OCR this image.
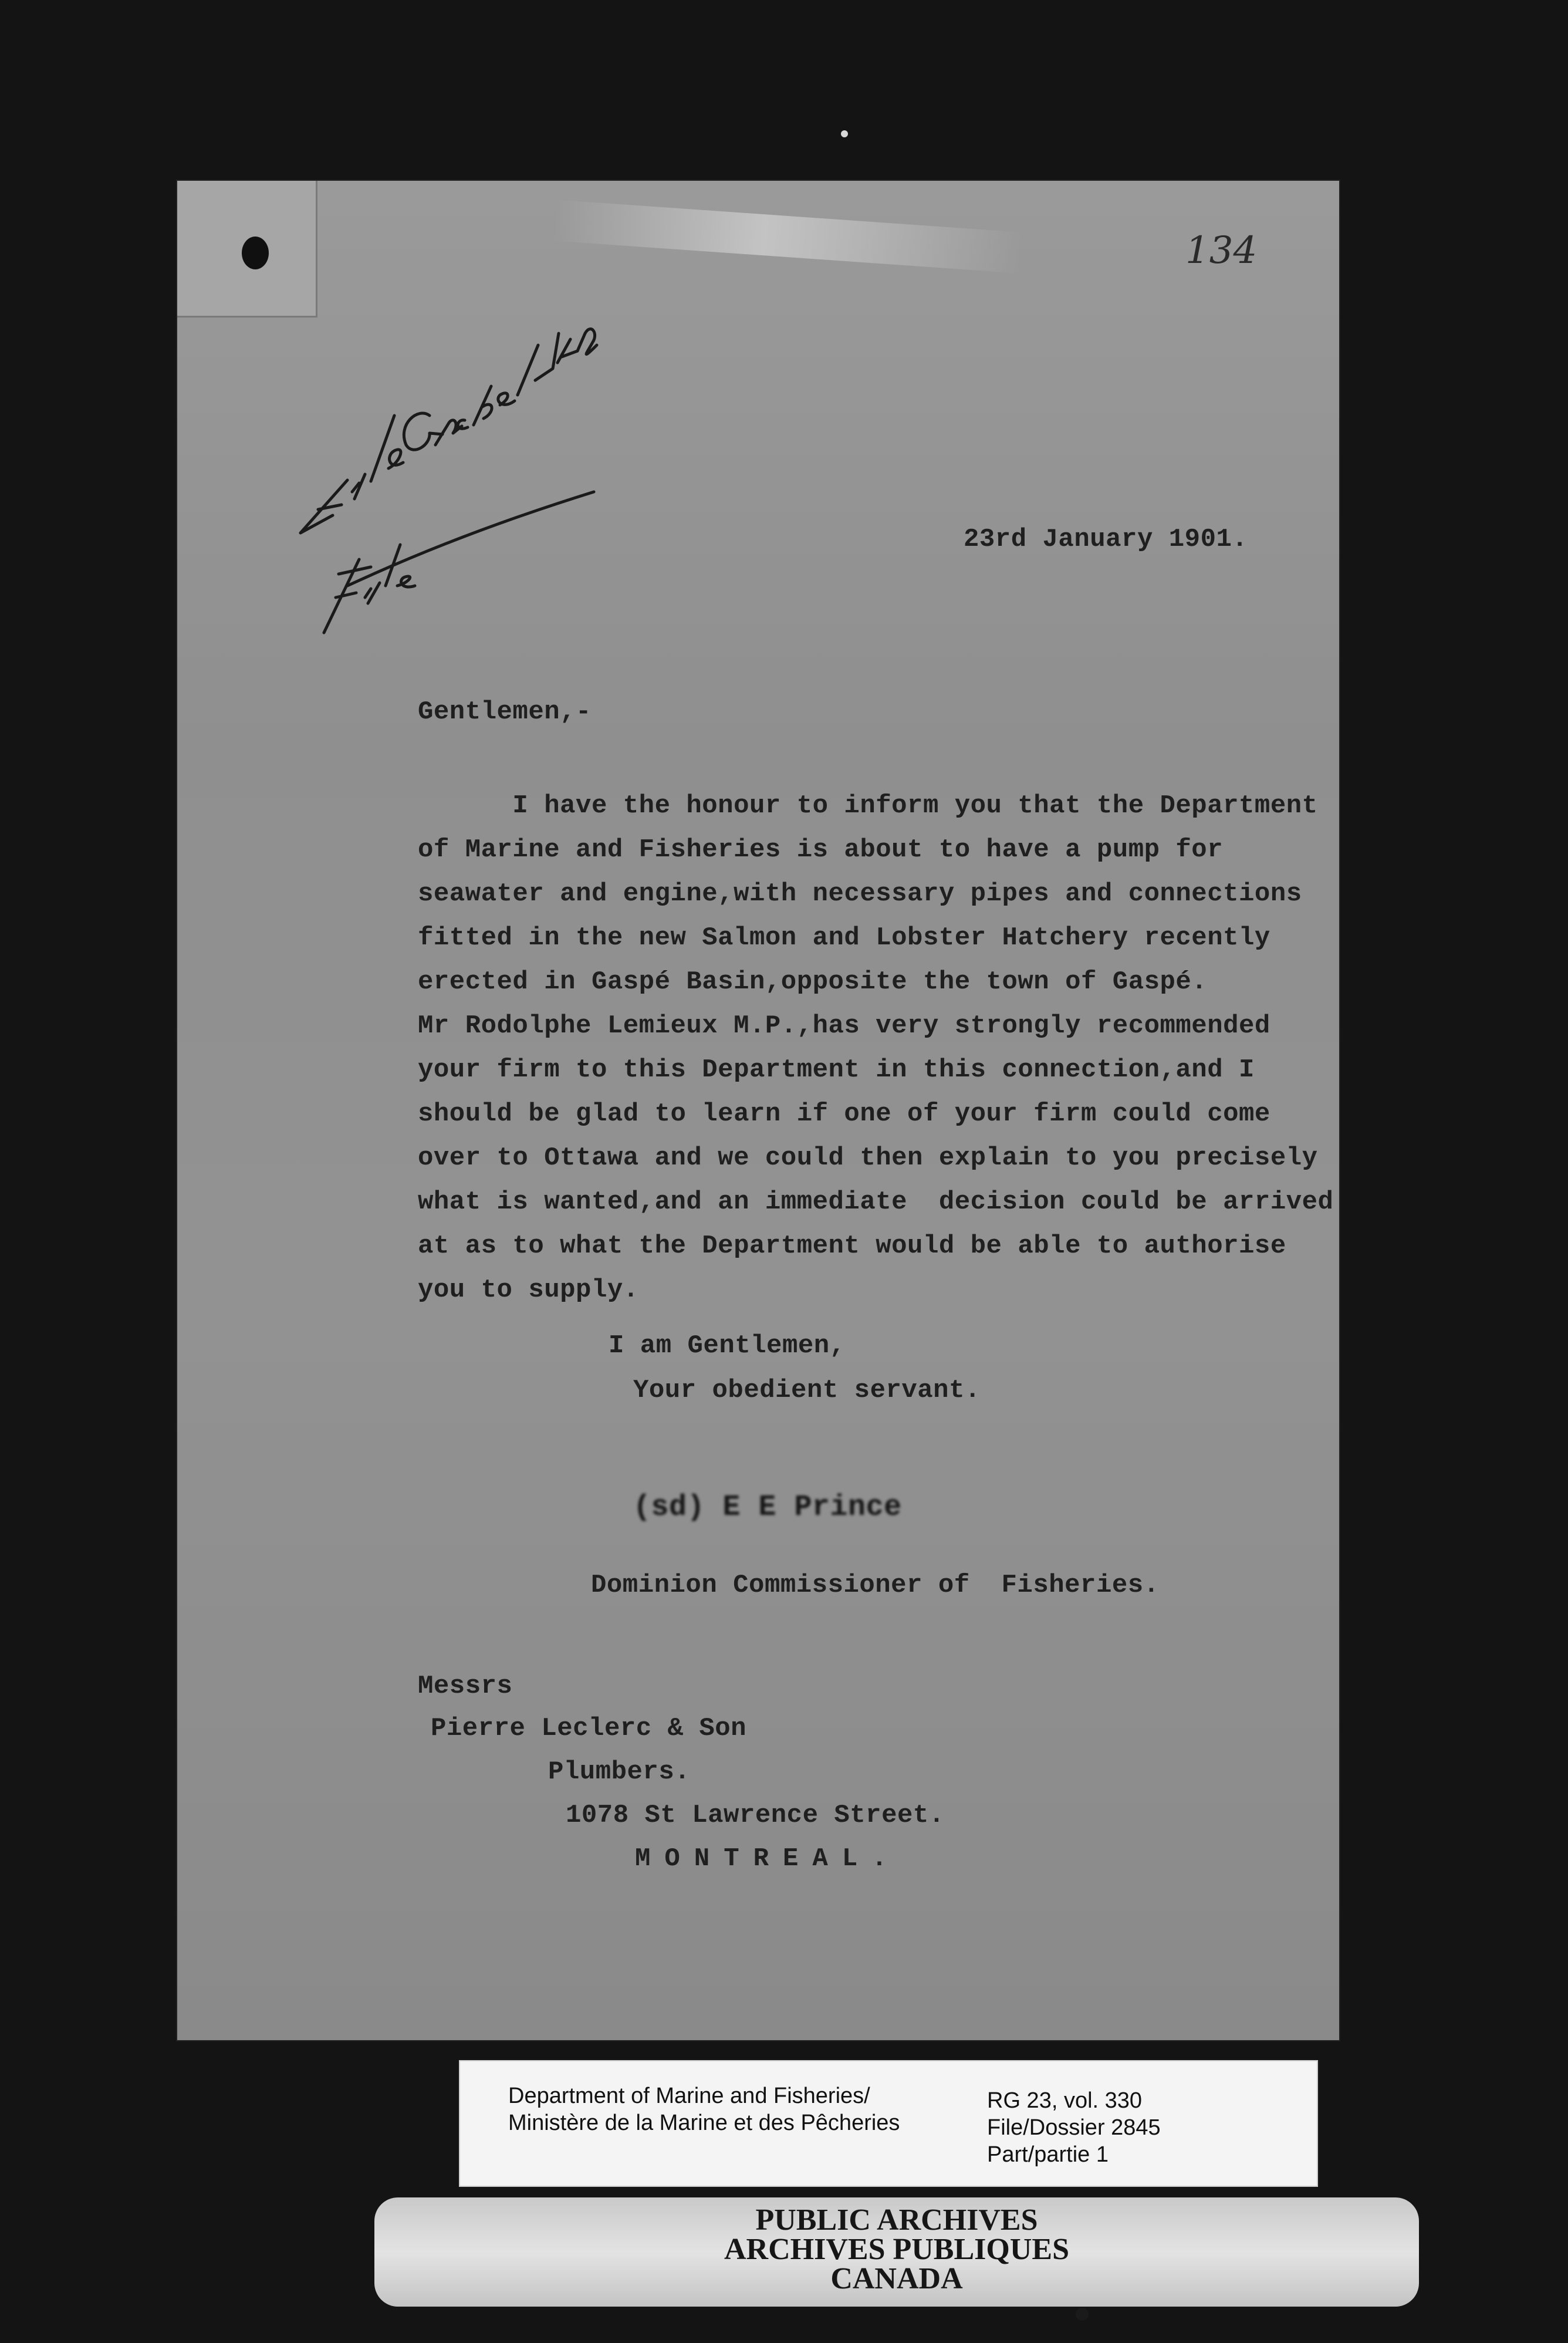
134
23rd January 1901.
Gentlemen,-
I have the honour to inform you that the Department
of Marine and Fisheries is about to have a pump for
seawater and engine,with necessary pipes and connections
fitted in the new Salmon and Lobster Hatchery recently
erected in Gaspé Basin,opposite the town of Gaspé.
Mr Rodolphe Lemieux M.P.,has very strongly recommended
your firm to this Department in this connection,and I
should be glad to learn if one of your firm could come
over to Ottawa and we could then explain to you precisely
what is wanted,and an immediate  decision could be arrived
at as to what the Department would be able to authorise
you to supply.
I am Gentlemen,
Your obedient servant.
(sd) E E Prince
Dominion Commissioner of  Fisheries.
Messrs
Pierre Leclerc & Son
Plumbers.
1078 St Lawrence Street.
MONTREAL.
Department of Marine and Fisheries/
Ministère de la Marine et des Pêcheries
RG 23, vol. 330
File/Dossier 2845
Part/partie 1
PUBLIC ARCHIVES
ARCHIVES PUBLIQUES
CANADA
